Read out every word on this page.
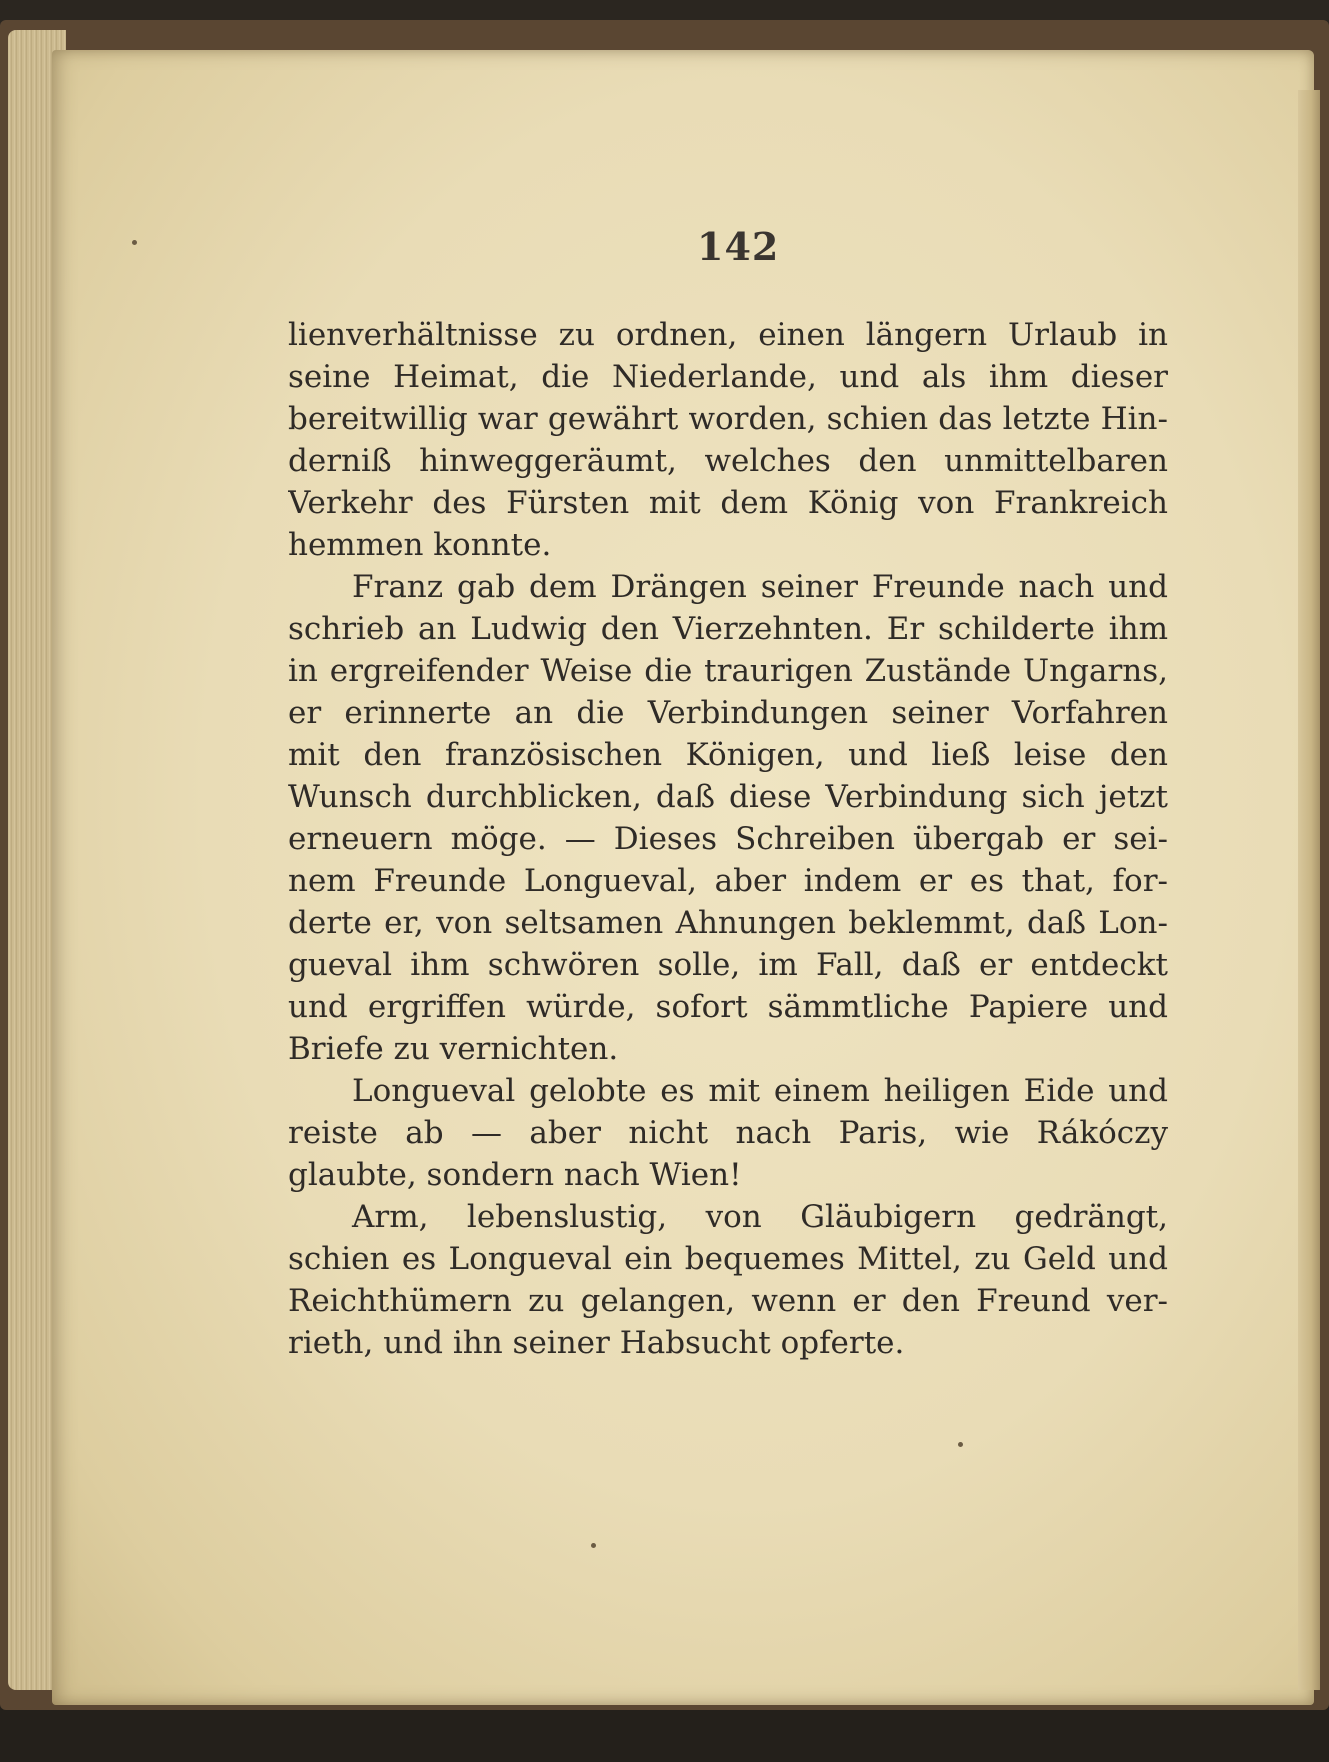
142
lienverhältnisse zu ordnen, einen längern Urlaub in
seine Heimat, die Niederlande, und als ihm dieser
bereitwillig war gewährt worden, schien das letzte Hin-
derniß hinweggeräumt, welches den unmittelbaren
Verkehr des Fürsten mit dem König von Frankreich
hemmen konnte.
Franz gab dem Drängen seiner Freunde nach und
schrieb an Ludwig den Vierzehnten. Er schilderte ihm
in ergreifender Weise die traurigen Zustände Ungarns,
er erinnerte an die Verbindungen seiner Vorfahren
mit den französischen Königen, und ließ leise den
Wunsch durchblicken, daß diese Verbindung sich jetzt
erneuern möge. — Dieses Schreiben übergab er sei-
nem Freunde Longueval, aber indem er es that, for-
derte er, von seltsamen Ahnungen beklemmt, daß Lon-
gueval ihm schwören solle, im Fall, daß er entdeckt
und ergriffen würde, sofort sämmtliche Papiere und
Briefe zu vernichten.
Longueval gelobte es mit einem heiligen Eide und
reiste ab — aber nicht nach Paris, wie Rákóczy
glaubte, sondern nach Wien!
Arm, lebenslustig, von Gläubigern gedrängt,
schien es Longueval ein bequemes Mittel, zu Geld und
Reichthümern zu gelangen, wenn er den Freund ver-
rieth, und ihn seiner Habsucht opferte.
